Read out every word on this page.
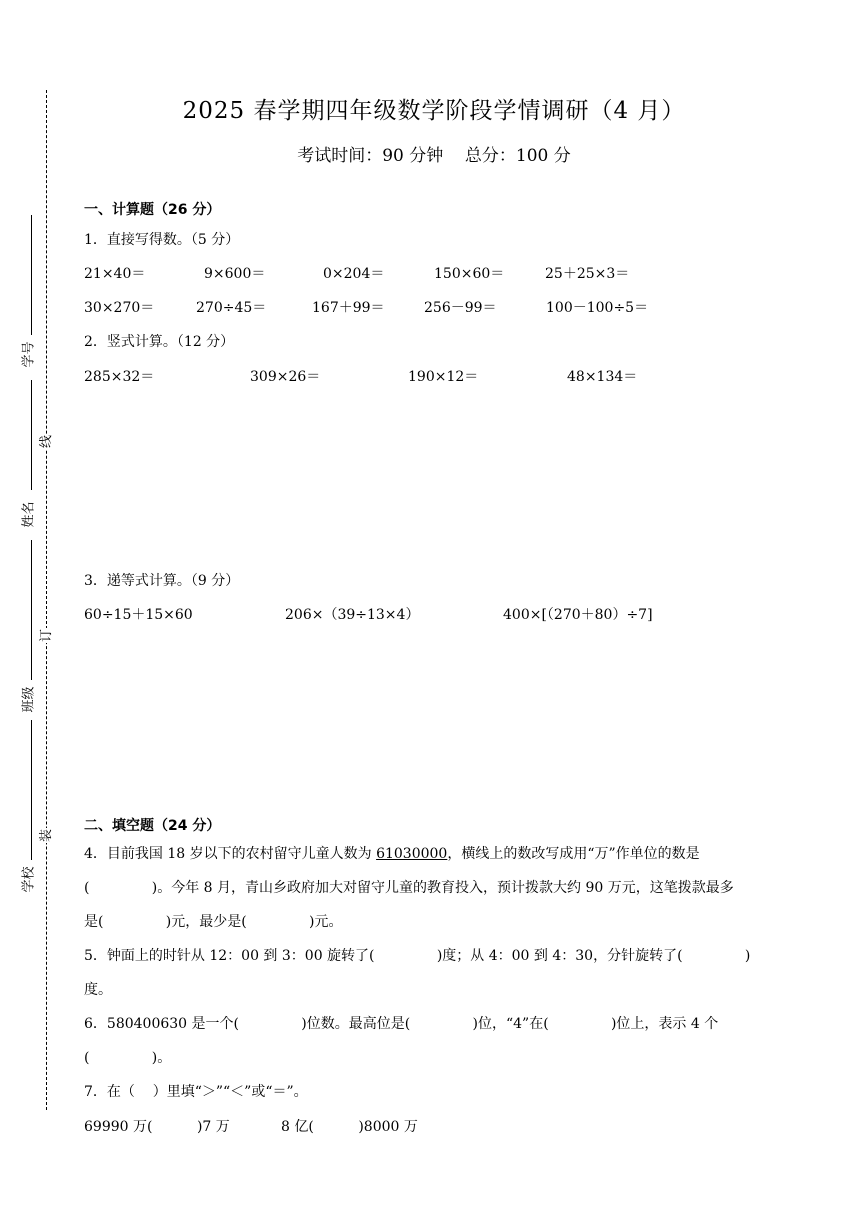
学号
姓名
班级
学校
线
订
装
2025 春学期四年级数学阶段学情调研（4 月）
考试时间：90 分钟    总分：100 分
一、计算题（26 分）
1．直接写得数。（5 分）
21×40＝	9×600＝	0×204＝	150×60＝	25＋25×3＝
30×270＝	270÷45＝	167＋99＝	256－99＝	100－100÷5＝
2．竖式计算。（12 分）
285×32＝	309×26＝	190×12＝	48×134＝
3．递等式计算。（9 分）
60÷15＋15×60	206×（39÷13×4）	400×[（270＋80）÷7]
二、填空题（24 分）
4．目前我国 18 岁以下的农村留守儿童人数为 61030000，横线上的数改写成用“万”作单位的数是
(              )。今年 8 月，青山乡政府加大对留守儿童的教育投入，预计拨款大约 90 万元，这笔拨款最多
是(              )元，最少是(              )元。
5．钟面上的时针从 12：00 到 3：00 旋转了(              )度；从 4：00 到 4：30，分针旋转了(              )
度。
6．580400630 是一个(              )位数。最高位是(              )位，“4”在(              )位上，表示 4 个
(              )。
7．在（    ）里填“＞”“＜”或“＝”。
69990 万(          )7 万	8 亿(          )8000 万
